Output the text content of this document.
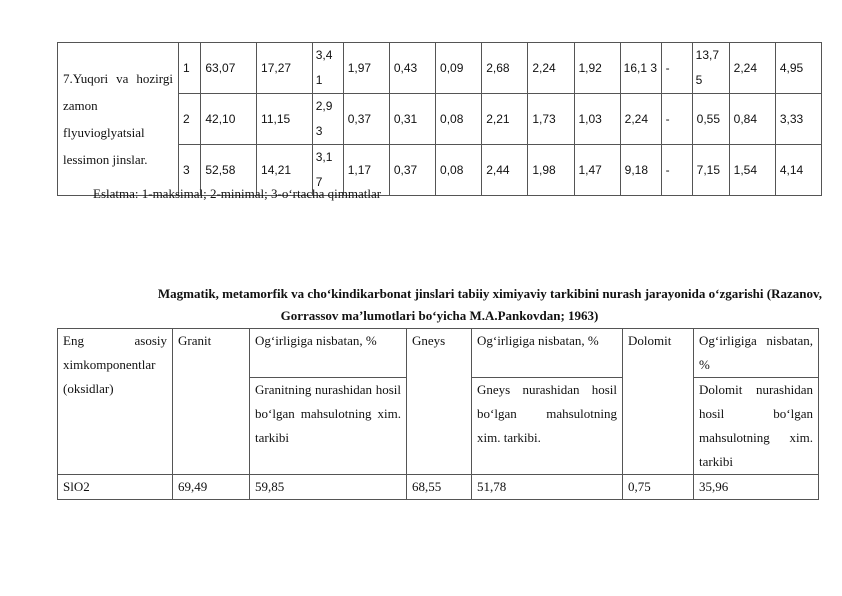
7.Yuqori va hozirgi zamon flyuvioglyatsial lessimon jinslar.	1	63,07	17,27	3,4 1	1,97	0,43	0,09	2,68	2,24	1,92	16,1 3	-	13,7 5	2,24	4,95
	2	42,10	11,15	2,9 3	0,37	0,31	0,08	2,21	1,73	1,03	2,24	-	0,55	0,84	3,33
	3	52,58	14,21	3,1 7	1,17	0,37	0,08	2,44	1,98	1,47	9,18	-	7,15	1,54	4,14
Eslatma: 1-maksimal; 2-minimal; 3-o‘rtacha qimmatlar
Magmatik, metamorfik va cho‘kindikarbonat jinslari tabiiy ximiyaviy tarkibini nurash jarayonida o‘zgarishi (Razanov,
Gorrassov ma’lumotlari bo‘yicha M.A.Pankovdan; 1963)
Eng asosiy ximkomponentlar (oksidlar)	Granit	Og‘irligiga nisbatan, %	Gneys	Og‘irligiga nisbatan, %	Dolomit	Og‘irligiga nisbatan, %
		Granitning nurashidan hosil bo‘lgan mahsulotning xim. tarkibi		Gneys nurashidan hosil bo‘lgan mahsulotning xim. tarkibi.		Dolomit nurashidan hosil bo‘lgan mahsulotning xim. tarkibi
SlO2	69,49	59,85	68,55	51,78	0,75	35,96
